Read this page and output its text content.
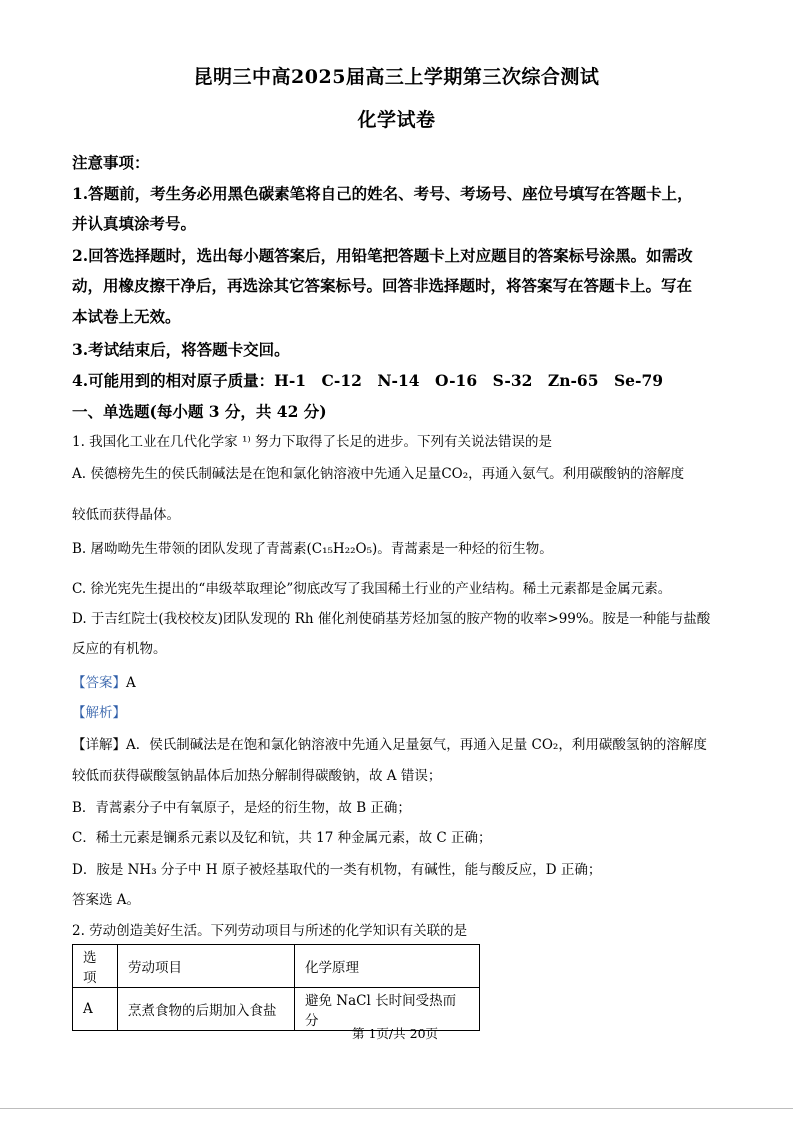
昆明三中高2025届高三上学期第三次综合测试
化学试卷
注意事项：
1.答题前，考生务必用黑色碳素笔将自己的姓名、考号、考场号、座位号填写在答题卡上，
并认真填涂考号。
2.回答选择题时，选出每小题答案后，用铅笔把答题卡上对应题目的答案标号涂黑。如需改
动，用橡皮擦干净后，再选涂其它答案标号。回答非选择题时，将答案写在答题卡上。写在
本试卷上无效。
3.考试结束后，将答题卡交回。
4.可能用到的相对原子质量：H-1　C-12　N-14　O-16　S-32　Zn-65　Se-79
一、单选题(每小题 3 分，共 42 分)
1. 我国化工业在几代化学家 ¹⁾ 努力下取得了长足的进步。下列有关说法错误的是
A. 侯德榜先生的侯氏制碱法是在饱和氯化钠溶液中先通入足量CO₂，再通入氨气。利用碳酸钠的溶解度
较低而获得晶体。
B. 屠呦呦先生带领的团队发现了青蒿素(C₁₅H₂₂O₅)。青蒿素是一种烃的衍生物。
C. 徐光宪先生提出的“串级萃取理论”彻底改写了我国稀土行业的产业结构。稀土元素都是金属元素。
D. 于吉红院士(我校校友)团队发现的 Rh 催化剂使硝基芳烃加氢的胺产物的收率>99%。胺是一种能与盐酸
反应的有机物。
【答案】A
【解析】
【详解】A．侯氏制碱法是在饱和氯化钠溶液中先通入足量氨气，再通入足量 CO₂，利用碳酸氢钠的溶解度
较低而获得碳酸氢钠晶体后加热分解制得碳酸钠，故 A 错误；
B．青蒿素分子中有氧原子，是烃的衍生物，故 B 正确；
C．稀土元素是镧系元素以及钇和钪，共 17 种金属元素，故 C 正确；
D．胺是 NH₃ 分子中 H 原子被烃基取代的一类有机物，有碱性，能与酸反应，D 正确；
答案选 A。
2. 劳动创造美好生活。下列劳动项目与所述的化学知识有关联的是
选项	劳动项目	化学原理
A	烹煮食物的后期加入食盐	避免 NaCl 长时间受热而分
第 1页/共 20页
